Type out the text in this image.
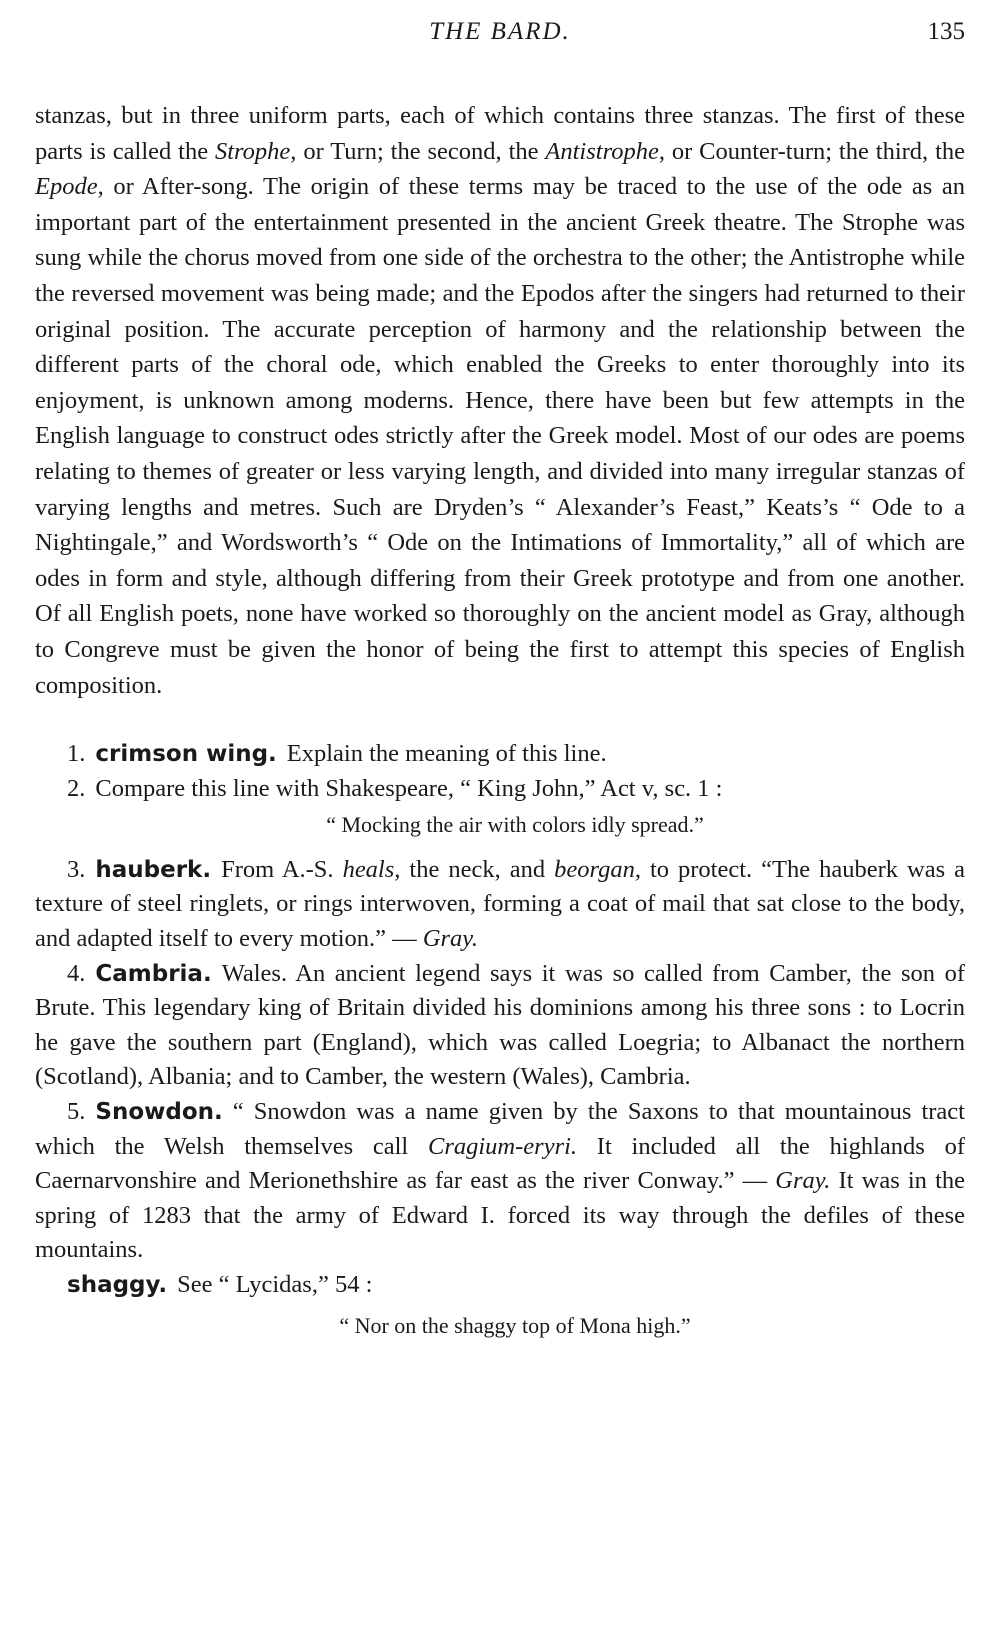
THE BARD.	135

stanzas, but in three uniform parts, each of which contains three stanzas. The first of these parts is called the Strophe, or Turn; the second, the Antistrophe, or Counter-turn; the third, the Epode, or After-song. The origin of these terms may be traced to the use of the ode as an important part of the entertainment presented in the ancient Greek theatre. The Strophe was sung while the chorus moved from one side of the orchestra to the other; the Antistrophe while the reversed movement was being made; and the Epodos after the singers had returned to their original position. The accurate perception of harmony and the relationship between the different parts of the choral ode, which enabled the Greeks to enter thoroughly into its enjoyment, is unknown among moderns. Hence, there have been but few attempts in the English language to construct odes strictly after the Greek model. Most of our odes are poems relating to themes of greater or less varying length, and divided into many irregular stanzas of varying lengths and metres. Such are Dryden’s “ Alexander’s Feast,” Keats’s “ Ode to a Nightingale,” and Wordsworth’s “ Ode on the Intimations of Immortality,” all of which are odes in form and style, although differing from their Greek prototype and from one another. Of all English poets, none have worked so thoroughly on the ancient model as Gray, although to Congreve must be given the honor of being the first to attempt this species of English composition.

1. crimson wing. Explain the meaning of this line.

2. Compare this line with Shakespeare, “ King John,” Act v, sc. 1 :

“ Mocking the air with colors idly spread.”

3. hauberk. From A.-S. heals, the neck, and beorgan, to protect. “The hauberk was a texture of steel ringlets, or rings interwoven, forming a coat of mail that sat close to the body, and adapted itself to every motion.” — Gray.

4. Cambria. Wales. An ancient legend says it was so called from Camber, the son of Brute. This legendary king of Britain divided his dominions among his three sons : to Locrin he gave the southern part (England), which was called Loegria; to Albanact the northern (Scotland), Albania; and to Camber, the western (Wales), Cambria.

5. Snowdon. “ Snowdon was a name given by the Saxons to that mountainous tract which the Welsh themselves call Cragium-eryri. It included all the highlands of Caernarvonshire and Merionethshire as far east as the river Conway.” — Gray. It was in the spring of 1283 that the army of Edward I. forced its way through the defiles of these mountains.

shaggy. See “ Lycidas,” 54 :

“ Nor on the shaggy top of Mona high.”
